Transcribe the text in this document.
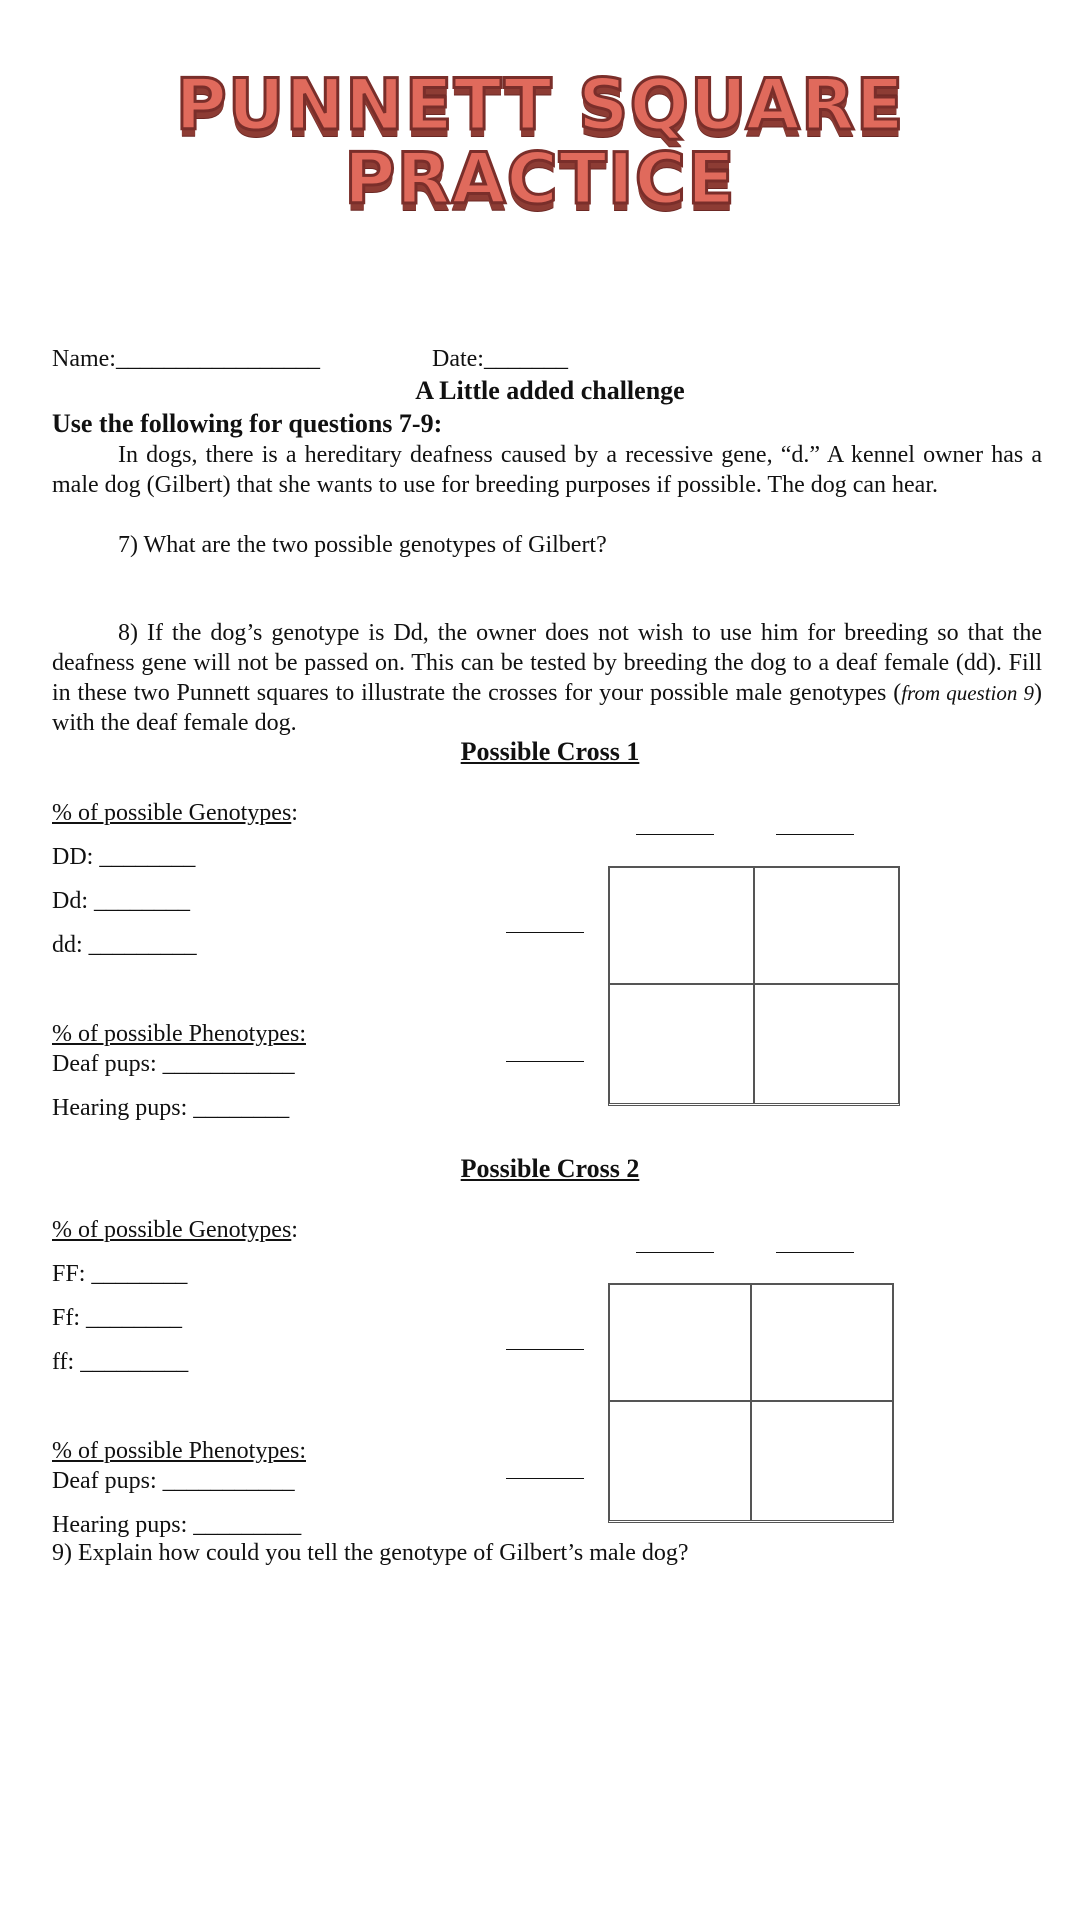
PUNNETT SQUARE
PRACTICE
Name:_________________	Date:_______
A Little added challenge
Use the following for questions 7-9:
In dogs, there is a hereditary deafness caused by a recessive gene, “d.” A kennel owner has a male dog (Gilbert) that she wants to use for breeding purposes if possible. The dog can hear.
7) What are the two possible genotypes of Gilbert?
8) If the dog’s genotype is Dd, the owner does not wish to use him for breeding so that the deafness gene will not be passed on. This can be tested by breeding the dog to a deaf female (dd). Fill in these two Punnett squares to illustrate the crosses for your possible male genotypes (from question 9) with the deaf female dog.
Possible Cross 1
% of possible Genotypes:
DD: ________
Dd: ________
dd: _________
% of possible Phenotypes:
Deaf pups: ___________
Hearing pups: ________
Possible Cross 2
% of possible Genotypes:
FF: ________
Ff: ________
ff: _________
% of possible Phenotypes:
Deaf pups: ___________
Hearing pups: _________
9) Explain how could you tell the genotype of Gilbert’s male dog?
